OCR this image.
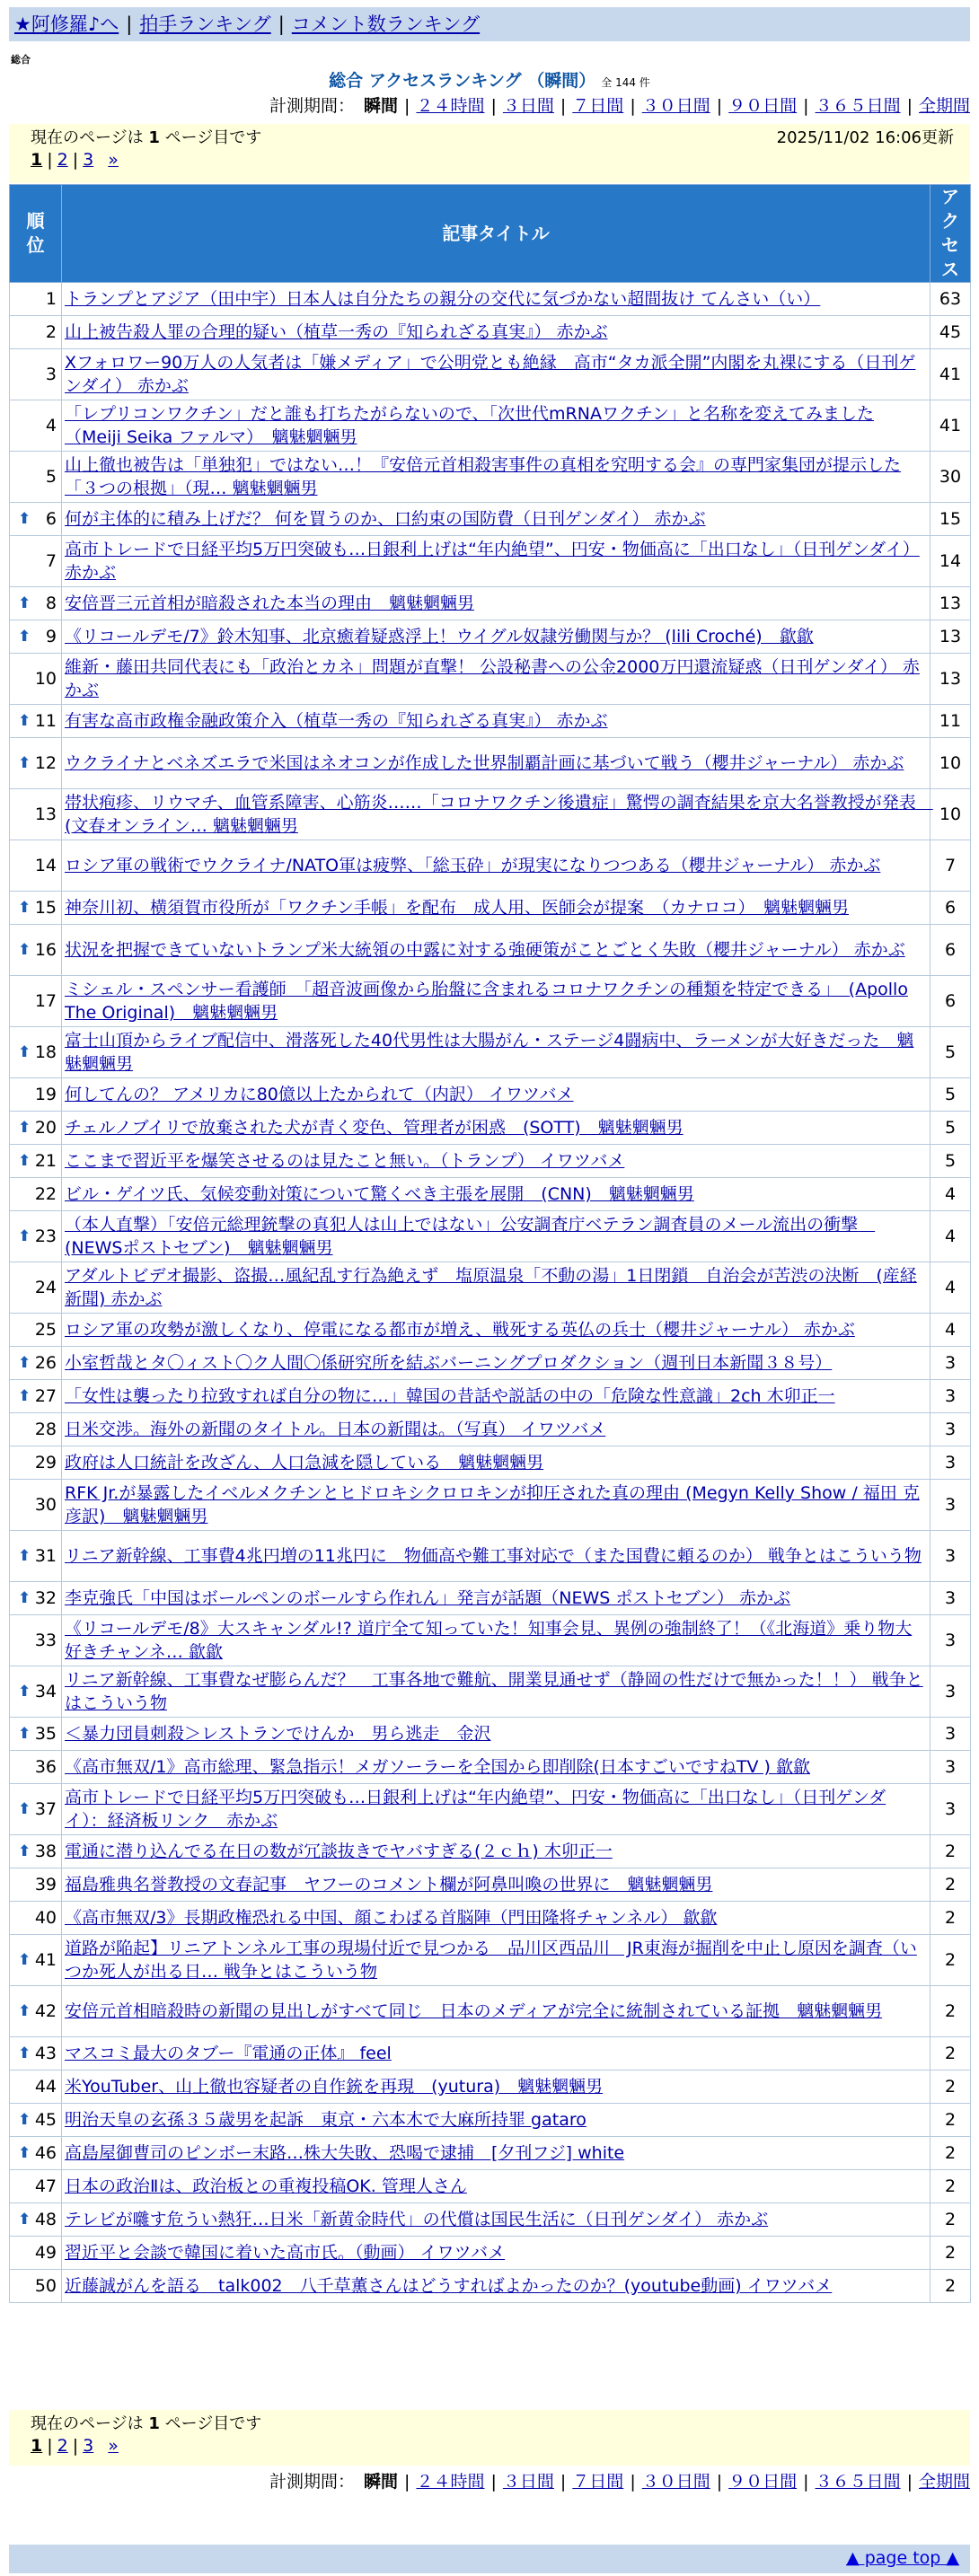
★阿修羅♪へ | 拍手ランキング | コメント数ランキング
総合
総合 アクセスランキング （瞬間） 全 144 件
計測期間： 瞬間 | ２４時間 | ３日間 | ７日間 | ３０日間 | ９０日間 | ３６５日間 | 全期間
現在のページは 1 ページ目です	2025/11/02 16:06更新
1 | 2 | 3 »
順位	記事タイトル	アクセス
1	トランプとアジア（田中宇）日本人は自分たちの親分の交代に気づかない超間抜け てんさい（い）	63
2	山上被告殺人罪の合理的疑い（植草一秀の『知られざる真実』） 赤かぶ	45
3	Xフォロワー90万人の人気者は「嫌メディア」で公明党とも絶縁　高市“タカ派全開”内閣を丸裸にする（日刊ゲンダイ） 赤かぶ	41
4	「レプリコンワクチン」だと誰も打ちたがらないので、「次世代mRNAワクチン」と名称を変えてみました（Meiji Seika ファルマ）　魑魅魍魎男	41
5	山上徹也被告は「単独犯」ではない…！『安倍元首相殺害事件の真相を究明する会』の専門家集団が提示した「３つの根拠」（現… 魑魅魍魎男	30

⬆ 6	何が主体的に積み上げだ？ 何を買うのか、口約束の国防費（日刊ゲンダイ） 赤かぶ	15
7	高市トレードで日経平均5万円突破も…日銀利上げは“年内絶望”、円安・物価高に「出口なし」（日刊ゲンダイ） 赤かぶ	14

⬆ 8	安倍晋三元首相が暗殺された本当の理由　魑魅魍魎男	13

⬆ 9	《リコールデモ/7》鈴木知事、北京癒着疑惑浮上！ウイグル奴隷労働関与か？ (lili Croché)　歙歙	13
10	維新・藤田共同代表にも「政治とカネ」問題が直撃！ 公設秘書への公金2000万円還流疑惑（日刊ゲンダイ） 赤かぶ	13

⬆ 11	有害な高市政権金融政策介入（植草一秀の『知られざる真実』） 赤かぶ	11

⬆ 12	ウクライナとベネズエラで米国はネオコンが作成した世界制覇計画に基づいて戦う（櫻井ジャーナル） 赤かぶ	10
13	帯状疱疹、リウマチ、血管系障害、心筋炎……「コロナワクチン後遺症」驚愕の調査結果を京大名誉教授が発表　(文春オンライン… 魑魅魍魎男	10
14	ロシア軍の戦術でウクライナ/NATO軍は疲弊、「総玉砕」が現実になりつつある（櫻井ジャーナル） 赤かぶ	7

⬆ 15	神奈川初、横須賀市役所が「ワクチン手帳」を配布　成人用、医師会が提案　（カナロコ）　魑魅魍魎男	6

⬆ 16	状況を把握できていないトランプ米大統領の中露に対する強硬策がことごとく失敗（櫻井ジャーナル） 赤かぶ	6
17	ミシェル・スペンサー看護師　「超音波画像から胎盤に含まれるコロナワクチンの種類を特定できる」　(Apollo The Original)　魑魅魍魎男	6

⬆ 18	富士山頂からライブ配信中、滑落死した40代男性は大腸がん・ステージ4闘病中、ラーメンが大好きだった　魑魅魍魎男	5
19	何してんの？ アメリカに80億以上たかられて（内訳） イワツバメ	5

⬆ 20	チェルノブイリで放棄された犬が青く変色、管理者が困惑　(SOTT)　魑魅魍魎男	5

⬆ 21	ここまで習近平を爆笑させるのは見たこと無い。（トランプ） イワツバメ	5
22	ビル・ゲイツ氏、気候変動対策について驚くべき主張を展開　(CNN)　魑魅魍魎男	4

⬆ 23	（本人直撃）「安倍元総理銃撃の真犯人は山上ではない」公安調査庁ベテラン調査員のメール流出の衝撃　(NEWSポストセブン)　魑魅魍魎男	4
24	アダルトビデオ撮影、盗撮…風紀乱す行為絶えず　塩原温泉「不動の湯」1日閉鎖　自治会が苦渋の決断　(産経新聞) 赤かぶ	4
25	ロシア軍の攻勢が激しくなり、停電になる都市が増え、戦死する英仏の兵士（櫻井ジャーナル） 赤かぶ	4

⬆ 26	小室哲哉とタ〇ィスト〇ク人間〇係研究所を結ぶバーニングプロダクション（週刊日本新聞３８号）	3

⬆ 27	「女性は襲ったり拉致すれば自分の物に…」韓国の昔話や説話の中の「危険な性意識」2ch 木卯正一	3
28	日米交渉。海外の新聞のタイトル。日本の新聞は。（写真） イワツバメ	3
29	政府は人口統計を改ざん、人口急減を隠している　魑魅魍魎男	3
30	RFK Jr.が暴露したイベルメクチンとヒドロキシクロロキンが抑圧された真の理由 (Megyn Kelly Show / 福田 克彦訳)　魑魅魍魎男	3

⬆ 31	リニア新幹線、工事費4兆円増の11兆円に　物価高や難工事対応で（また国費に頼るのか） 戦争とはこういう物	3

⬆ 32	李克強氏「中国はボールペンのボールすら作れん」発言が話題（NEWS ポストセブン） 赤かぶ	3
33	《リコールデモ/8》大スキャンダル!? 道庁全て知っていた！知事会見、異例の強制終了！（《北海道》乗り物大好きチャンネ… 歙歙	3

⬆ 34	リニア新幹線、工事費なぜ膨らんだ？　工事各地で難航、開業見通せず（静岡の性だけで無かった！！） 戦争とはこういう物	3

⬆ 35	＜暴力団員刺殺＞レストランでけんか　男ら逃走　金沢	3
36	《高市無双/1》高市総理、緊急指示！メガソーラーを全国から即削除(日本すごいですねTV ) 歙歙	3

⬆ 37	高市トレードで日経平均5万円突破も…日銀利上げは“年内絶望”、円安・物価高に「出口なし」（日刊ゲンダイ）：経済板リンク　赤かぶ	3

⬆ 38	電通に潜り込んでる在日の数が冗談抜きでヤバすぎる(２ｃｈ) 木卯正一	2
39	福島雅典名誉教授の文春記事　ヤフーのコメント欄が阿鼻叫喚の世界に　魑魅魍魎男	2
40	《高市無双/3》長期政権恐れる中国、顔こわばる首脳陣（門田隆将チャンネル） 歙歙	2

⬆ 41	道路が陥起】リニアトンネル工事の現場付近で見つかる　品川区西品川　JR東海が掘削を中止し原因を調査（いつか死人が出る日… 戦争とはこういう物	2

⬆ 42	安倍元首相暗殺時の新聞の見出しがすべて同じ　日本のメディアが完全に統制されている証拠　魑魅魍魎男	2

⬆ 43	マスコミ最大のタブー『電通の正体』 feel	2
44	米YouTuber、山上徹也容疑者の自作銃を再現　(yutura)　魑魅魍魎男	2

⬆ 45	明治天皇の玄孫３５歳男を起訴　東京・六本木で大麻所持罪 gataro	2

⬆ 46	高島屋御曹司のピンボー末路…株大失敗、恐喝で逮捕　[夕刊フジ] white	2
47	日本の政治Ⅱは、政治板との重複投稿OK. 管理人さん	2

⬆ 48	テレビが囃す危うい熱狂…日米「新黄金時代」の代償は国民生活に（日刊ゲンダイ） 赤かぶ	2
49	習近平と会談で韓国に着いた高市氏。（動画） イワツバメ	2
50	近藤誠がんを語る　talk002　八千草薫さんはどうすればよかったのか？(youtube動画) イワツバメ	2
現在のページは 1 ページ目です
1 | 2 | 3 »
計測期間： 瞬間 | ２４時間 | ３日間 | ７日間 | ３０日間 | ９０日間 | ３６５日間 | 全期間
▲ page top ▲
